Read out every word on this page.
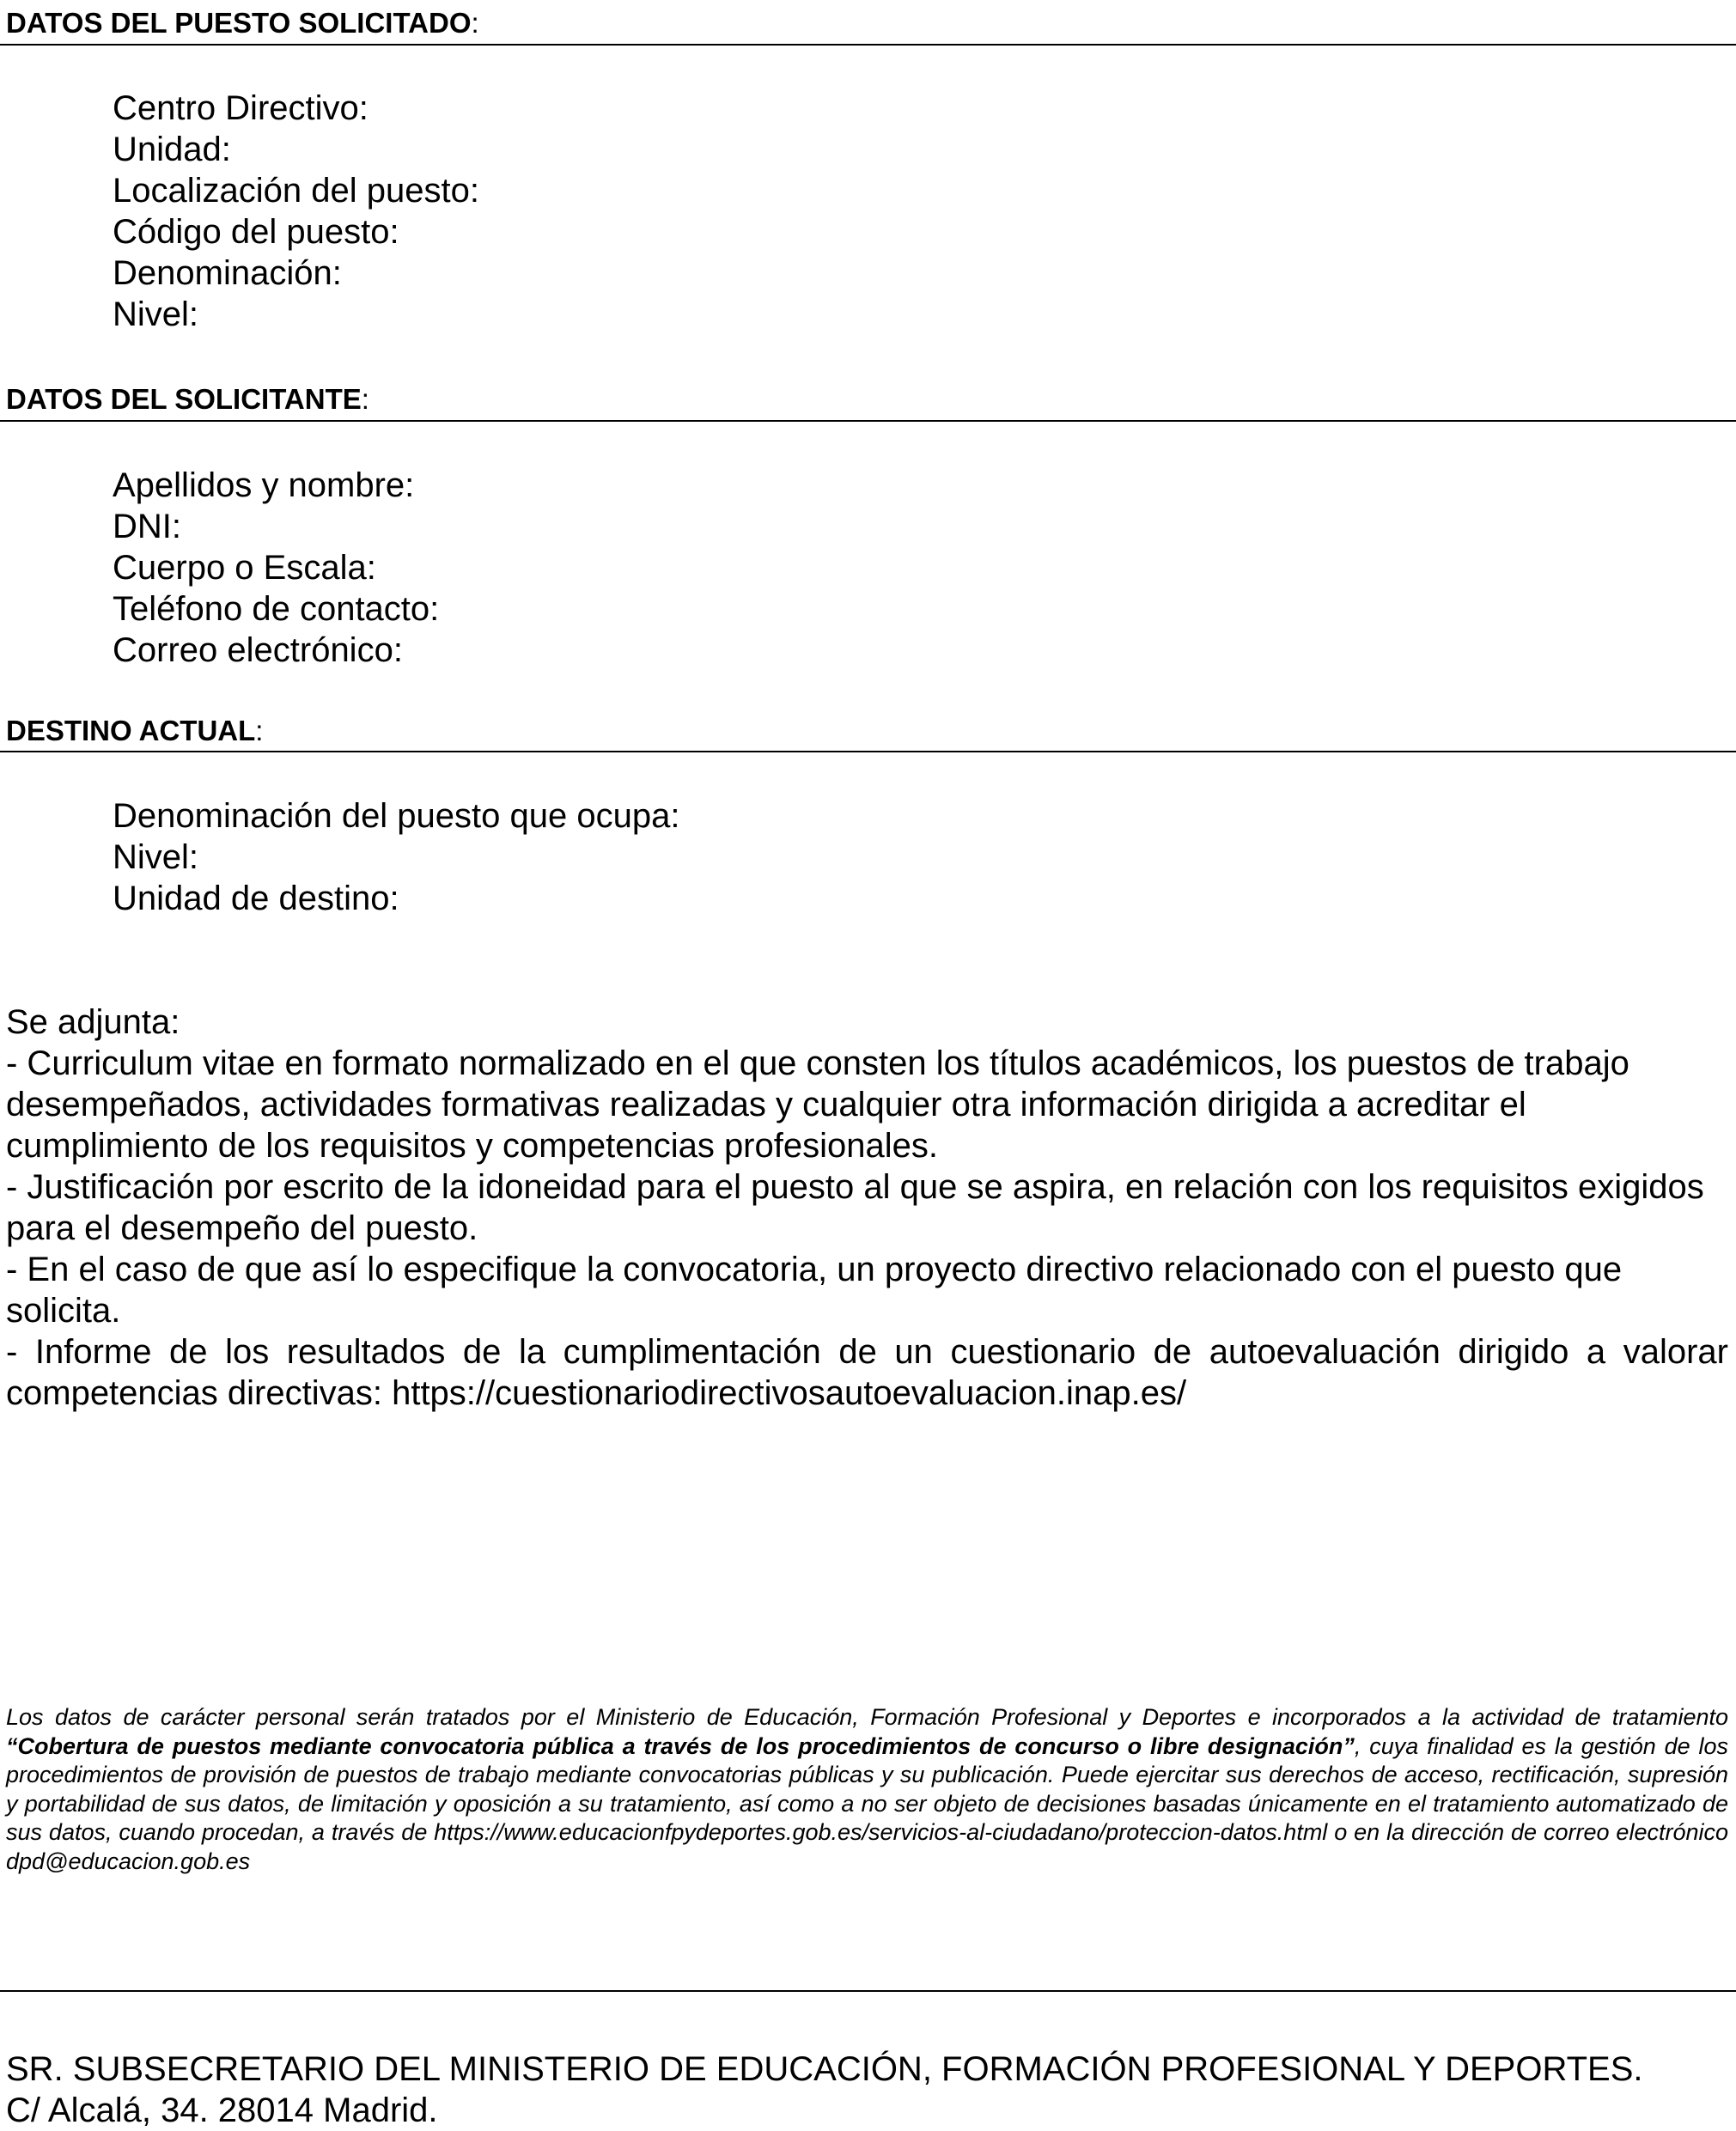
DATOS DEL PUESTO SOLICITADO:
Centro Directivo:
Unidad:
Localización del puesto:
Código del puesto:
Denominación:
Nivel:
DATOS DEL SOLICITANTE:
Apellidos y nombre:
DNI:
Cuerpo o Escala:
Teléfono de contacto:
Correo electrónico:
DESTINO ACTUAL:
Denominación del puesto que ocupa:
Nivel:
Unidad de destino:

Se adjunta:

- Curriculum vitae en formato normalizado en el que consten los títulos académicos, los puestos de trabajo desempeñados, actividades formativas realizadas y cualquier otra información dirigida a acreditar el cumplimiento de los requisitos y competencias profesionales.

- Justificación por escrito de la idoneidad para el puesto al que se aspira, en relación con los requisitos exigidos para el desempeño del puesto.

- En el caso de que así lo especifique la convocatoria, un proyecto directivo relacionado con el puesto que solicita.

- Informe de los resultados de la cumplimentación de un cuestionario de autoevaluación dirigido a valorar competencias directivas: https://cuestionariodirectivosautoevaluacion.inap.es/

Los datos de carácter personal serán tratados por el Ministerio de Educación, Formación Profesional y Deportes e incorporados a la actividad de tratamiento “Cobertura de puestos mediante convocatoria pública a través de los procedimientos de concurso o libre designación”, cuya finalidad es la gestión de los procedimientos de provisión de puestos de trabajo mediante convocatorias públicas y su publicación. Puede ejercitar sus derechos de acceso, rectificación, supresión y portabilidad de sus datos, de limitación y oposición a su tratamiento, así como a no ser objeto de decisiones basadas únicamente en el tratamiento automatizado de sus datos, cuando procedan, a través de https://www.educacionfpydeportes.gob.es/servicios-al-ciudadano/proteccion-datos.html o en la dirección de correo electrónico dpd@educacion.gob.es

SR. SUBSECRETARIO DEL MINISTERIO DE EDUCACIÓN, FORMACIÓN PROFESIONAL Y DEPORTES.
C/ Alcalá, 34. 28014 Madrid.
